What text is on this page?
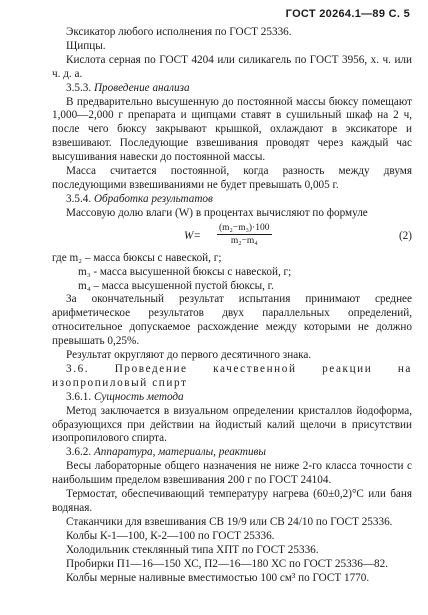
ГОСТ 20264.1—89 С. 5

Эксикатор любого исполнения по ГОСТ 25336.

Щипцы.

Кислота серная по ГОСТ 4204 или силикагель по ГОСТ 3956, х. ч. или ч. д. а.

3.5.3. Проведение анализа

В предварительно высушенную до постоянной массы бюксу помещают 1,000—2,000 г препарата и щипцами ставят в сушильный шкаф на 2 ч, после чего бюксу закрывают крышкой, охлаждают в эксикаторе и взвешивают. Последующие взвешивания проводят через каждый час высушивания навески до постоянной массы.

Масса считается постоянной, когда разность между двумя последующими взвешиваниями не будет превышать 0,005 г.

3.5.4. Обработка результатов

Массовую долю влаги (W) в процентах вычисляют по формуле

$W= \frac{\text{(m₂−m₃)·100}}{\text{m₂−m₄}}$	(2)

где m₂ – масса бюксы с навеской, г;

m₃ - масса высушенной бюксы с навеской, г;

m₄ – масса высушенной пустой бюксы, г.

За окончательный результат испытания принимают среднее арифметическое результатов двух параллельных определений, относительное допускаемое расхождение между которыми не должно превышать 0,25%.

Результат округляют до первого десятичного знака.

3.6. Проведение качественной реакции на изопропиловый спирт

3.6.1. Сущность метода

Метод заключается в визуальном определении кристаллов йодоформа, образующихся при действии на йодистый калий щелочи в присутствии изопропилового спирта.

3.6.2. Аппаратура, материалы, реактивы

Весы лабораторные общего назначения не ниже 2-го класса точности с наибольшим пределом взвешивания 200 г по ГОСТ 24104.

Термостат, обеспечивающий температуру нагрева (60±0,2)°С или баня водяная.

Стаканчики для взвешивания СВ 19/9 или СВ 24/10 по ГОСТ 25336.

Колбы К-1—100, К-2—100 по ГОСТ 25336.

Холодильник стеклянный типа ХПТ по ГОСТ 25336.

Пробирки П1—16—150 ХС, П2—16—180 ХС по ГОСТ 25336—82.

Колбы мерные наливные вместимостью 100 см³ по ГОСТ 1770.
